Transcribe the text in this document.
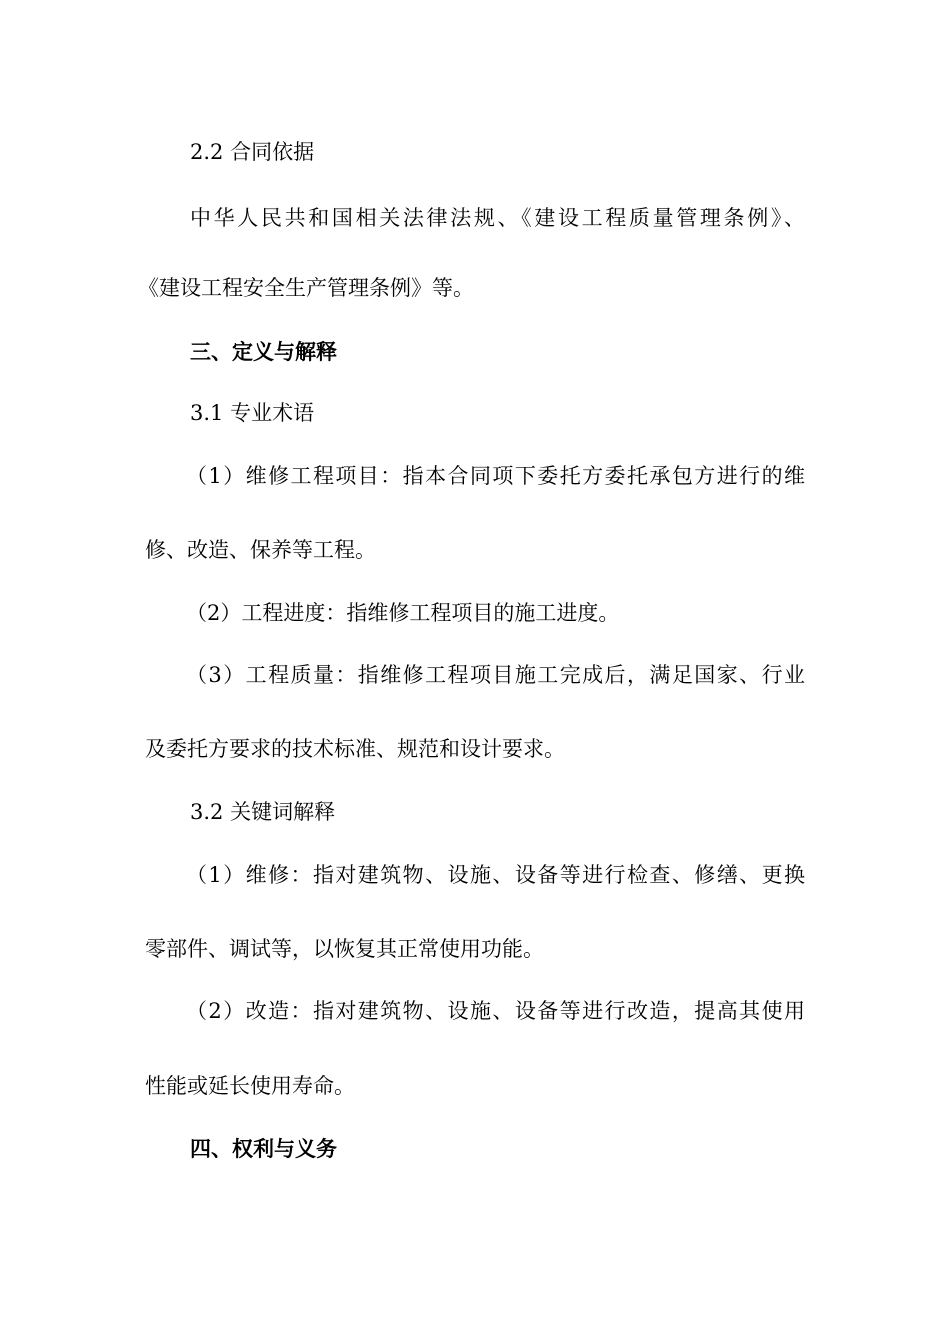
2.2 合同依据
中华人民共和国相关法律法规、《建设工程质量管理条例》、
《建设工程安全生产管理条例》等。
三、定义与解释
3.1 专业术语
（1）维修工程项目：指本合同项下委托方委托承包方进行的维
修、改造、保养等工程。
（2）工程进度：指维修工程项目的施工进度。
（3）工程质量：指维修工程项目施工完成后，满足国家、行业
及委托方要求的技术标准、规范和设计要求。
3.2 关键词解释
（1）维修：指对建筑物、设施、设备等进行检查、修缮、更换
零部件、调试等，以恢复其正常使用功能。
（2）改造：指对建筑物、设施、设备等进行改造，提高其使用
性能或延长使用寿命。
四、权利与义务
